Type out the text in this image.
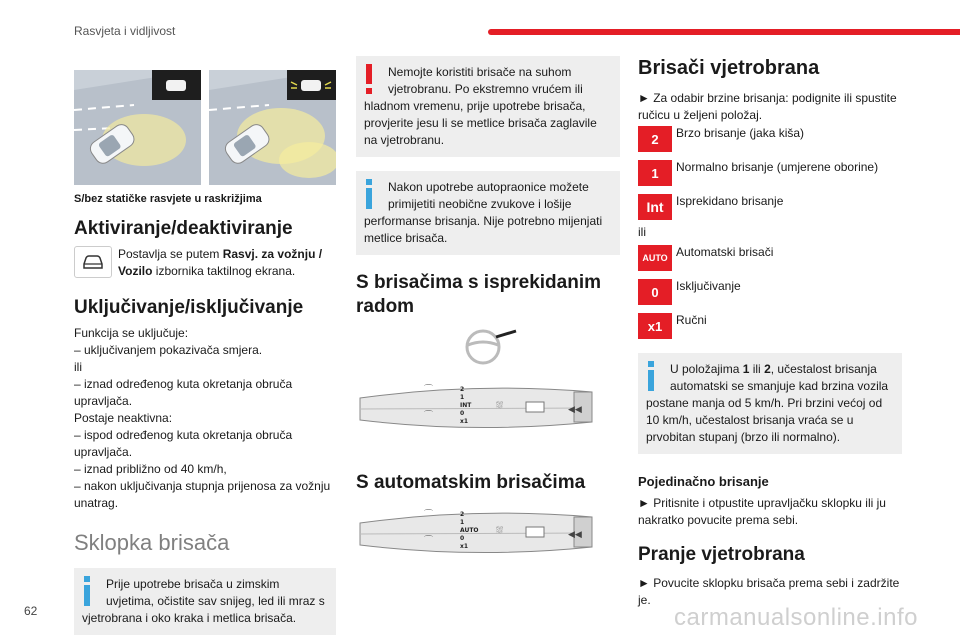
Rasvjeta i vidljivost
S/bez statičke rasvjete u raskrižjima
Aktiviranje/deaktiviranje

Postavlja se putem Rasvj. za vožnju /
Vozilo izbornika taktilnog ekrana.

Uključivanje/isključivanje

Funkcija se uključuje:

– uključivanjem pokazivača smjera.

ili

– iznad određenog kuta okretanja obruča upravljača.

Postaje neaktivna:

– ispod određenog kuta okretanja obruča upravljača.

– iznad približno od 40 km/h,

– nakon uključivanja stupnja prijenosa za vožnju unatrag.

Sklopka brisača
Prije upotrebe brisača u zimskim uvjetima, očistite sav snijeg, led ili mraz s vjetrobrana i oko kraka i metlica brisača.
Nemojte koristiti brisače na suhom vjetrobranu. Po ekstremno vrućem ili hladnom vremenu, prije upotrebe brisača, provjerite jesu li se metlice brisača zaglavile na vjetrobranu.
Nakon upotrebe autopraonice možete primijetiti neobične zvukove i lošije performanse brisanja. Nije potrebno mijenjati metlice brisača.
S brisačima s isprekidanim radom
◀◀
⛆
⌒
⌒
2
1
INT
0
x1
S automatskim brisačima
◀◀
⛆
⌒
⌒
2
1
AUTO
0
x1
Brisači vjetrobrana

► Za odabir brzine brisanja: podignite ili spustite ručicu u željeni položaj.

2	Brzo brisanje (jaka kiša)
1	Normalno brisanje (umjerene oborine)
Int	Isprekidano brisanje

ili

AUTO Automatski brisači
0	Isključivanje
x1	Ručni
U položajima 1 ili 2, učestalost brisanja automatski se smanjuje kad brzina vozila postane manja od 5 km/h. Pri brzini većoj od 10 km/h, učestalost brisanja vraća se u prvobitan stupanj (brzo ili normalno).
Pojedinačno brisanje

► Pritisnite i otpustite upravljačku sklopku ili ju nakratko povucite prema sebi.

Pranje vjetrobrana

► Povucite sklopku brisača prema sebi i zadržite je.

62	carmanualsonline.info
